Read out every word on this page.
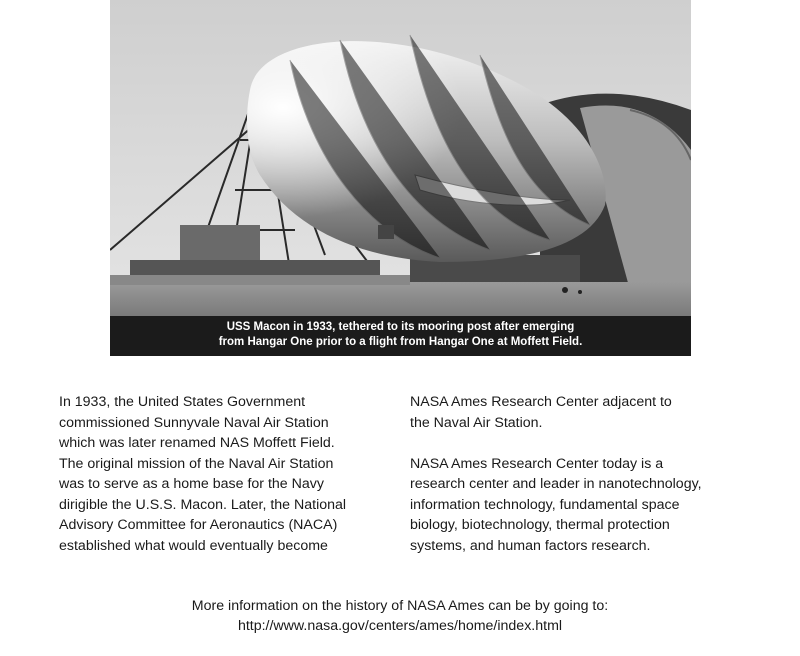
USS Macon in 1933, tethered to its mooring post after emerging
from Hangar One prior to a flight from Hangar One at Moffett Field.

In 1933, the United States Government
commissioned Sunnyvale Naval Air Station
which was later renamed NAS Moffett Field.
The original mission of the Naval Air Station
was to serve as a home base for the Navy
dirigible the U.S.S. Macon. Later, the National
Advisory Committee for Aeronautics (NACA)
established what would eventually become

NASA Ames Research Center adjacent to
the Naval Air Station.

NASA Ames Research Center today is a
research center and leader in nanotechnology,
information technology, fundamental space
biology, biotechnology, thermal protection
systems, and human factors research.

More information on the history of NASA Ames can be by going to:
http://www.nasa.gov/centers/ames/home/index.html
